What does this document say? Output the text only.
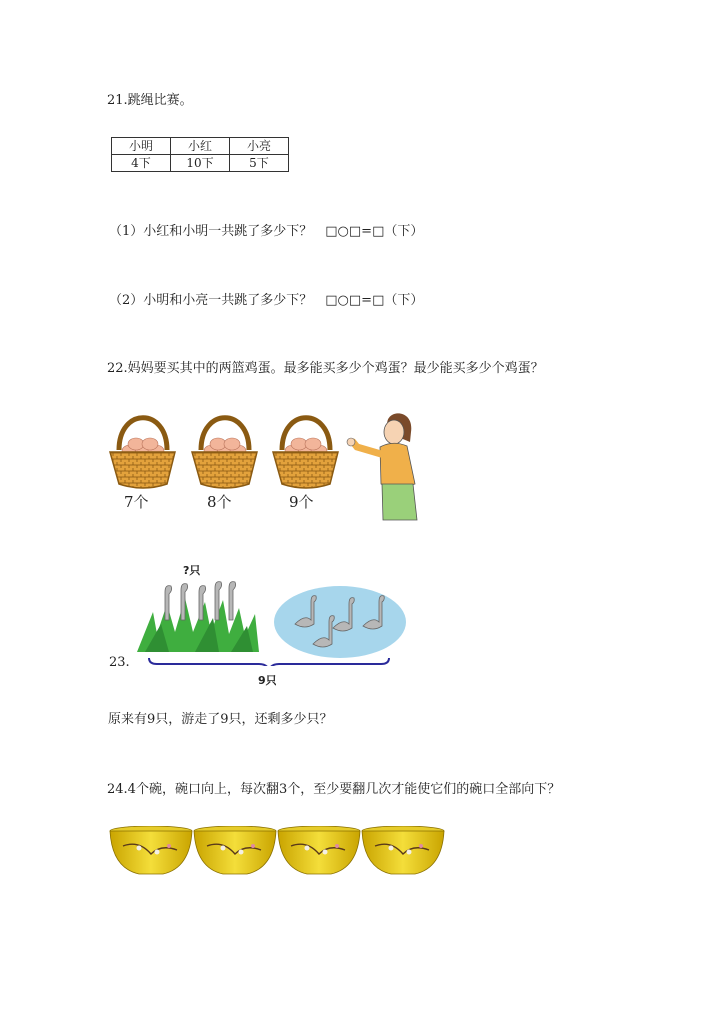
21.跳绳比赛。
小明	小红	小亮
4下	10下	5下
（1）小红和小明一共跳了多少下？　□○□=□（下）
（2）小明和小亮一共跳了多少下？　□○□=□（下）
22.妈妈要买其中的两篮鸡蛋。最多能买多少个鸡蛋？最少能买多少个鸡蛋？
7个	8个	9个
?只
23.
9只
原来有9只，游走了9只，还剩多少只？
24.4个碗，碗口向上，每次翻3个，至少要翻几次才能使它们的碗口全部向下？
